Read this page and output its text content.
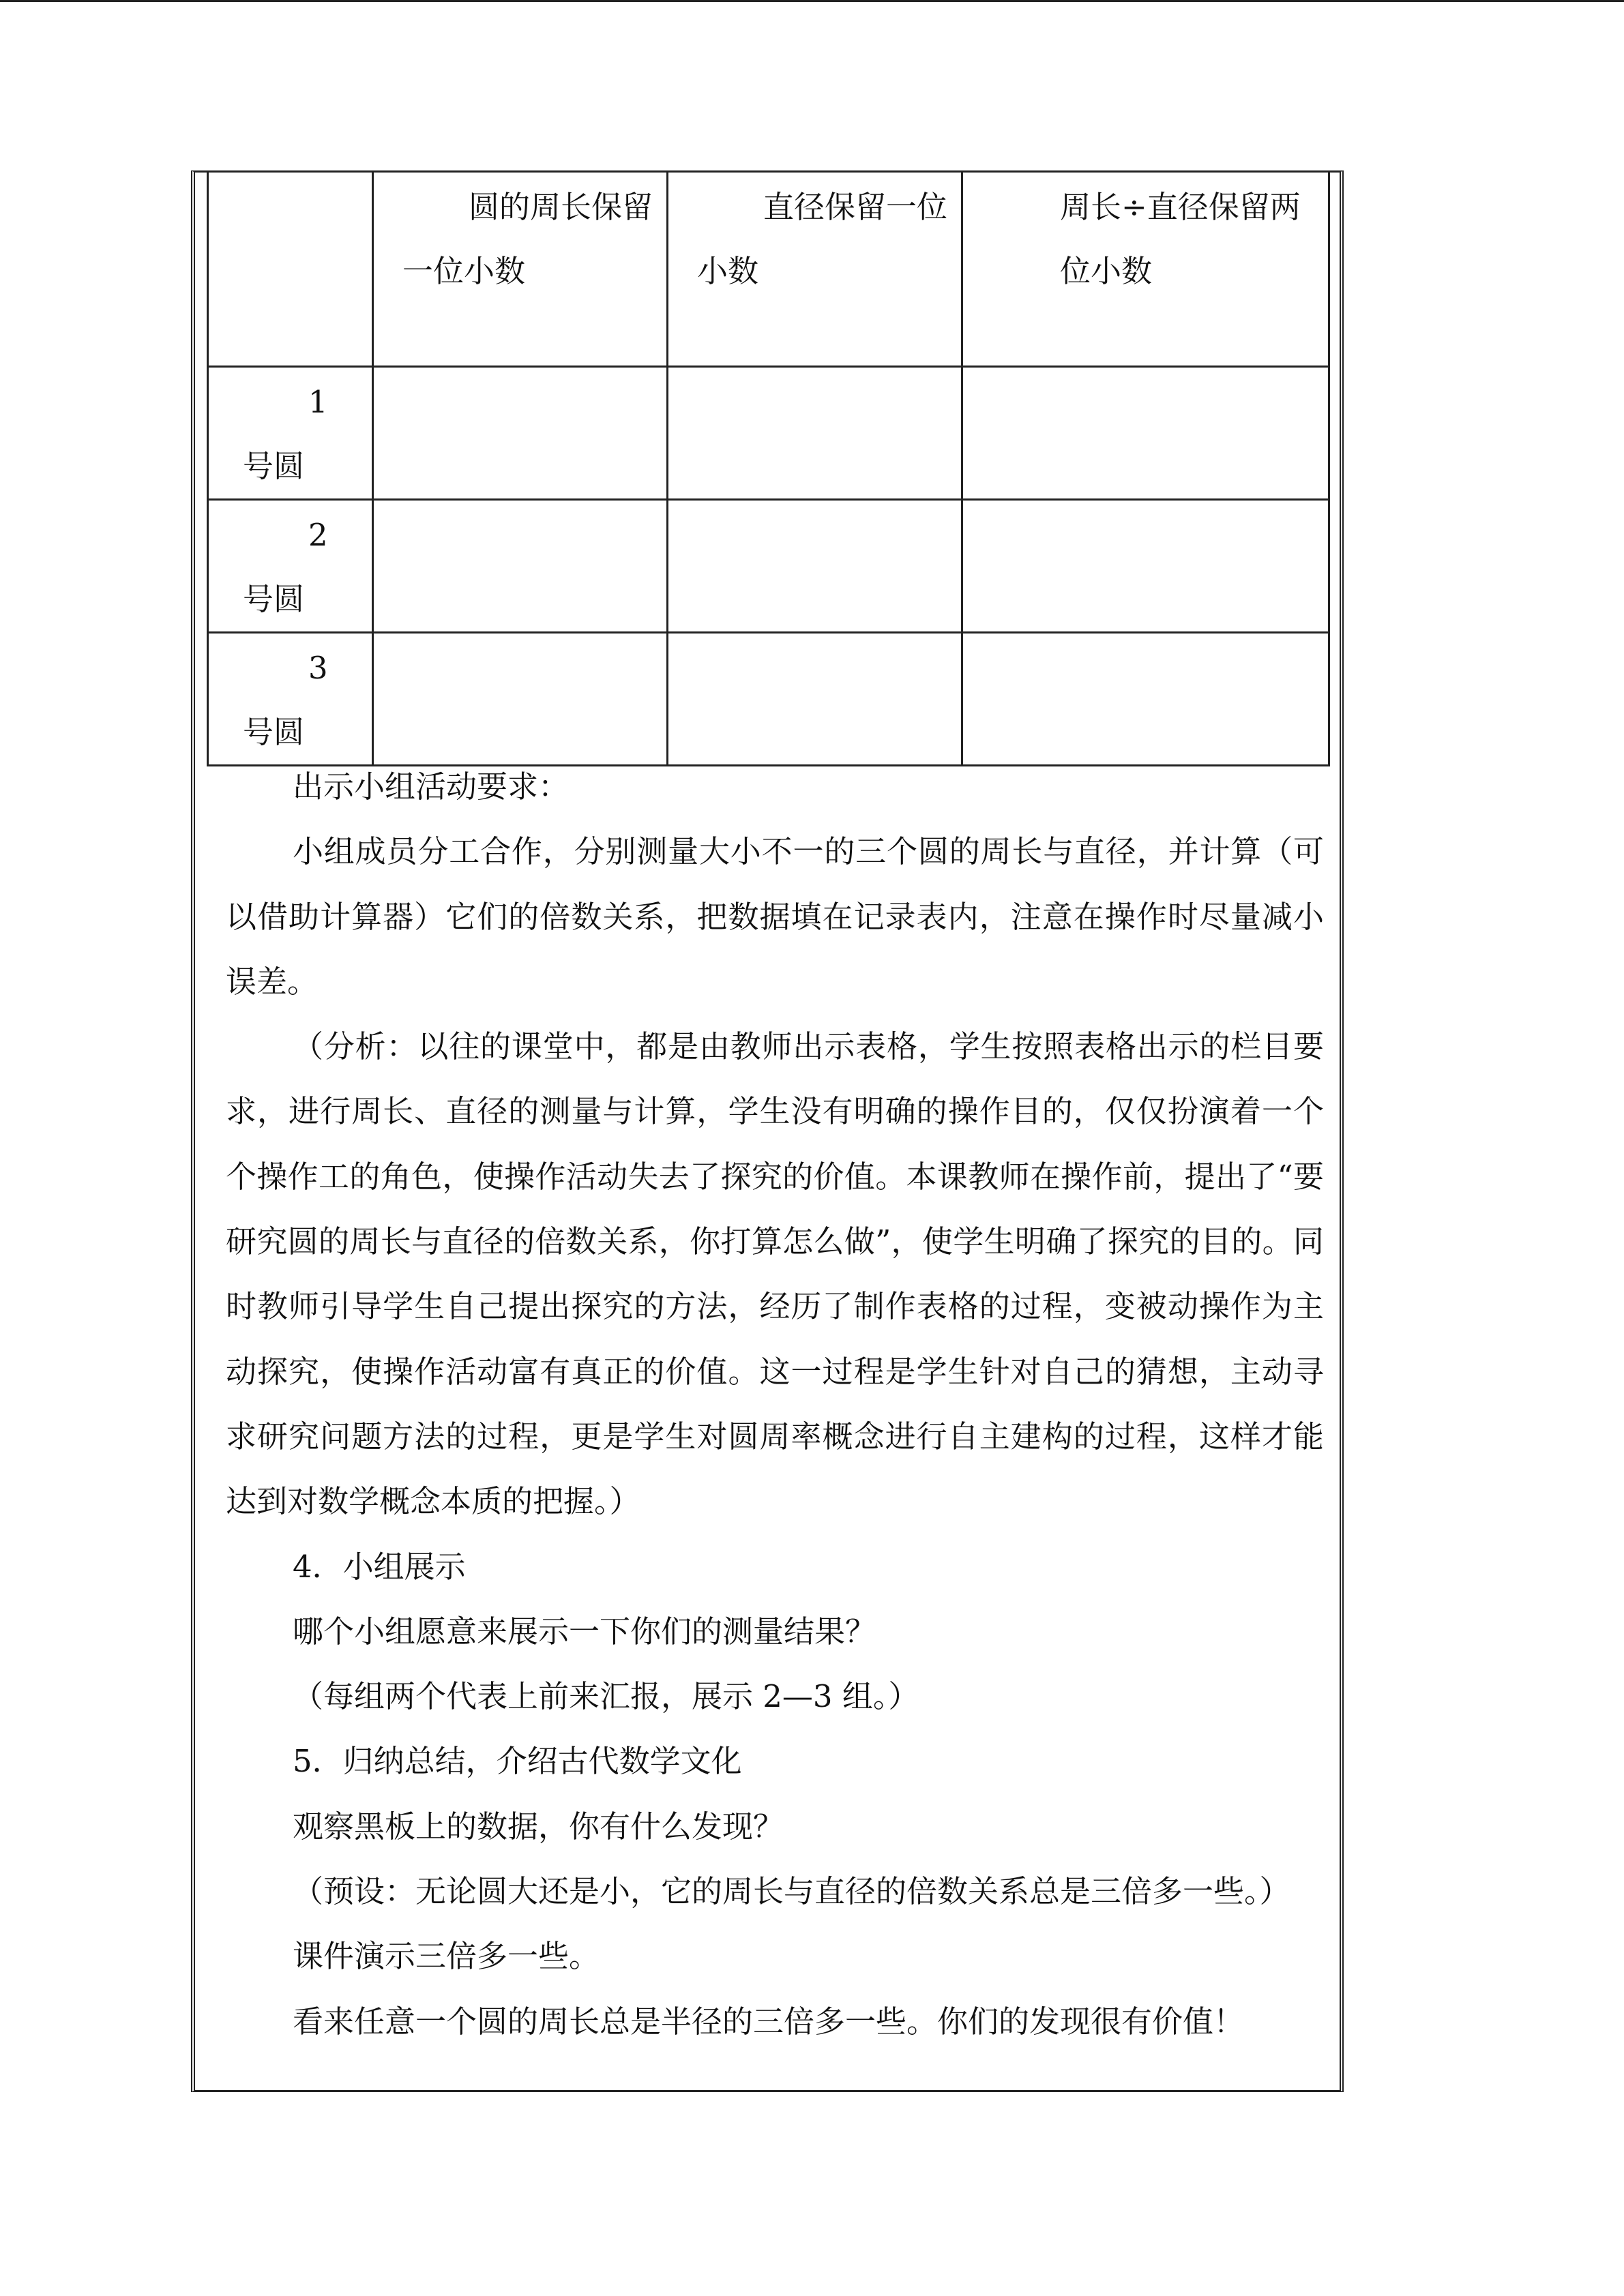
	圆的周长保留一位小数	直径保留一位小数	周长÷直径保留两位小数

1号圆			

2号圆			

3号圆			

出示小组活动要求：

小组成员分工合作，分别测量大小不一的三个圆的周长与直径，并计算（可以借助计算器）它们的倍数关系，把数据填在记录表内，注意在操作时尽量减小误差。

（分析：以往的课堂中，都是由教师出示表格，学生按照表格出示的栏目要求，进行周长、直径的测量与计算，学生没有明确的操作目的，仅仅扮演着一个个操作工的角色，使操作活动失去了探究的价值。本课教师在操作前，提出了“要研究圆的周长与直径的倍数关系，你打算怎么做”，使学生明确了探究的目的。同时教师引导学生自己提出探究的方法，经历了制作表格的过程，变被动操作为主动探究，使操作活动富有真正的价值。这一过程是学生针对自己的猜想，主动寻求研究问题方法的过程，更是学生对圆周率概念进行自主建构的过程，这样才能达到对数学概念本质的把握。）

4．小组展示

哪个小组愿意来展示一下你们的测量结果？

（每组两个代表上前来汇报，展示 2—3 组。）

5．归纳总结，介绍古代数学文化

观察黑板上的数据，你有什么发现？

（预设：无论圆大还是小，它的周长与直径的倍数关系总是三倍多一些。）

课件演示三倍多一些。

看来任意一个圆的周长总是半径的三倍多一些。你们的发现很有价值！
